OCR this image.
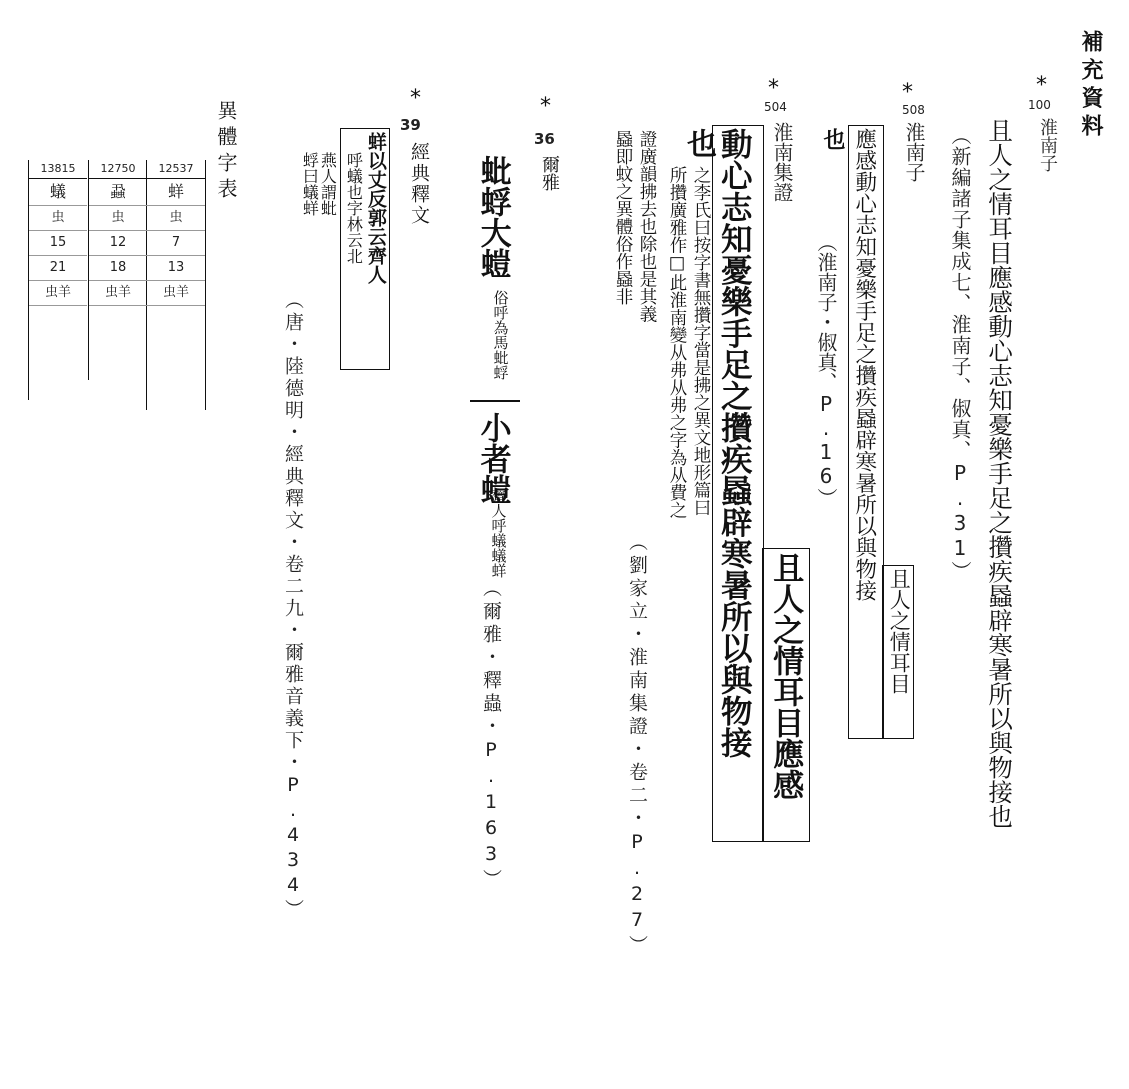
補充資料
*
100
淮南子
且人之情耳目應感動心志知憂樂手足之攢疾蟁辟寒暑所以與物接也
（新編諸子集成七、淮南子、俶真、P.31）
*
508
淮南子
且人之情耳目
應感動心志知憂樂手足之攢疾蟁辟寒暑所以與物接
也
（淮南子・俶真、P.16）
*
504
淮南集證
且人之情耳目應感
動心志知憂樂手足之攢疾蟁辟寒暑所以與物接
也
之李氏曰按字書無攢字當是拂之異文地形篇曰
所攢廣雅作□此淮南變从弗从弗之字為从費之
證廣韻拂去也除也是其義
蟁即蚊之異體俗作蟁非
（劉家立・淮南集證・卷二・P.27）
*
36
爾雅
蚍蜉大螘
俗呼為馬蚍蜉
小者螘
齊人呼蟻蟻蛘
（爾雅・釋蟲・P.163）
*
39
經典釋文
蛘以丈反郭云齊人
呼蟻也字林云北
燕人謂蚍
蜉曰蟻蛘
（唐・陸德明・經典釋文・卷二九・爾雅音義下・P.434）
異體字表
12537
蛘
虫
7
13
虫羊
12750
蝨
虫
12
18
虫羊
13815
蟻
虫
15
21
虫羊
